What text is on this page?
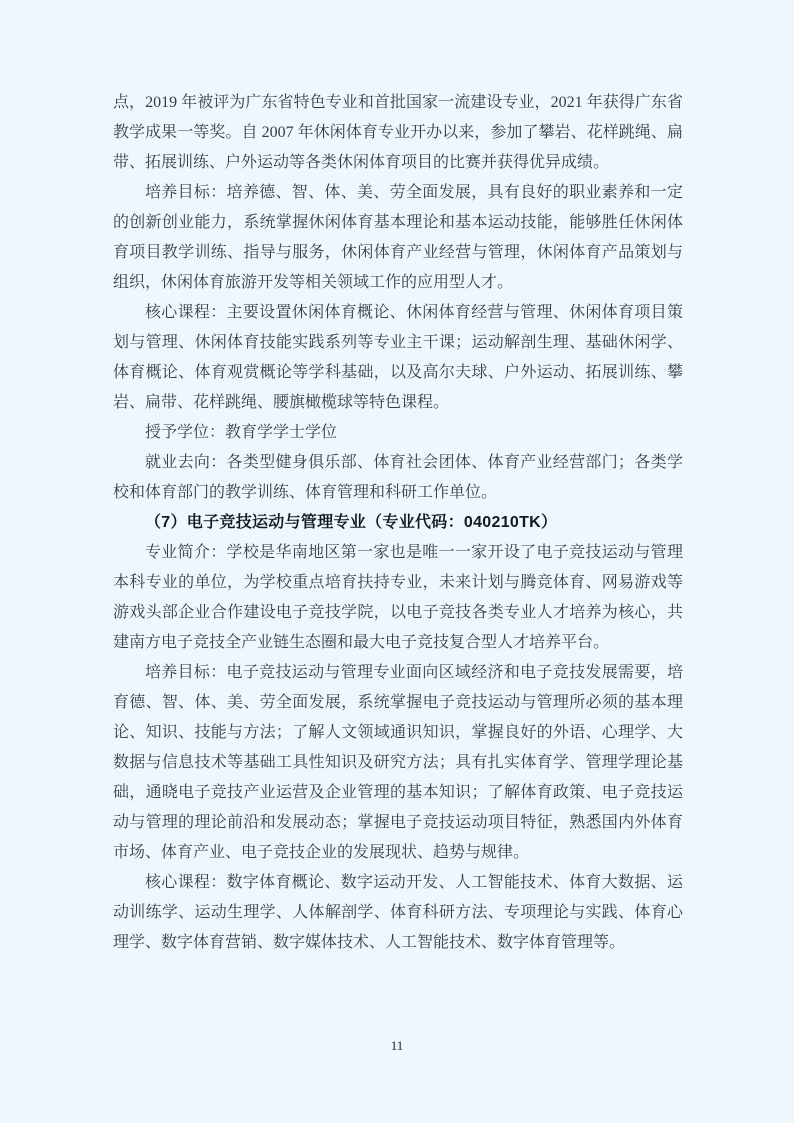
点，2019 年被评为广东省特色专业和首批国家一流建设专业，2021 年获得广东省教学成果一等奖。自 2007 年休闲体育专业开办以来，参加了攀岩、花样跳绳、扁带、拓展训练、户外运动等各类休闲体育项目的比赛并获得优异成绩。

培养目标：培养德、智、体、美、劳全面发展，具有良好的职业素养和一定的创新创业能力，系统掌握休闲体育基本理论和基本运动技能，能够胜任休闲体育项目教学训练、指导与服务，休闲体育产业经营与管理，休闲体育产品策划与组织，休闲体育旅游开发等相关领域工作的应用型人才。

核心课程：主要设置休闲体育概论、休闲体育经营与管理、休闲体育项目策划与管理、休闲体育技能实践系列等专业主干课；运动解剖生理、基础休闲学、体育概论、体育观赏概论等学科基础，以及高尔夫球、户外运动、拓展训练、攀岩、扁带、花样跳绳、腰旗橄榄球等特色课程。

授予学位：教育学学士学位

就业去向：各类型健身俱乐部、体育社会团体、体育产业经营部门；各类学校和体育部门的教学训练、体育管理和科研工作单位。

（7）电子竞技运动与管理专业（专业代码：040210TK）

专业简介：学校是华南地区第一家也是唯一一家开设了电子竞技运动与管理本科专业的单位，为学校重点培育扶持专业，未来计划与腾竞体育、网易游戏等游戏头部企业合作建设电子竞技学院，以电子竞技各类专业人才培养为核心，共建南方电子竞技全产业链生态圈和最大电子竞技复合型人才培养平台。

培养目标：电子竞技运动与管理专业面向区域经济和电子竞技发展需要，培育德、智、体、美、劳全面发展，系统掌握电子竞技运动与管理所必须的基本理论、知识、技能与方法；了解人文领域通识知识，掌握良好的外语、心理学、大数据与信息技术等基础工具性知识及研究方法；具有扎实体育学、管理学理论基础，通晓电子竞技产业运营及企业管理的基本知识；了解体育政策、电子竞技运动与管理的理论前沿和发展动态；掌握电子竞技运动项目特征，熟悉国内外体育市场、体育产业、电子竞技企业的发展现状、趋势与规律。

核心课程：数字体育概论、数字运动开发、人工智能技术、体育大数据、运动训练学、运动生理学、人体解剖学、体育科研方法、专项理论与实践、体育心理学、数字体育营销、数字媒体技术、人工智能技术、数字体育管理等。

11
